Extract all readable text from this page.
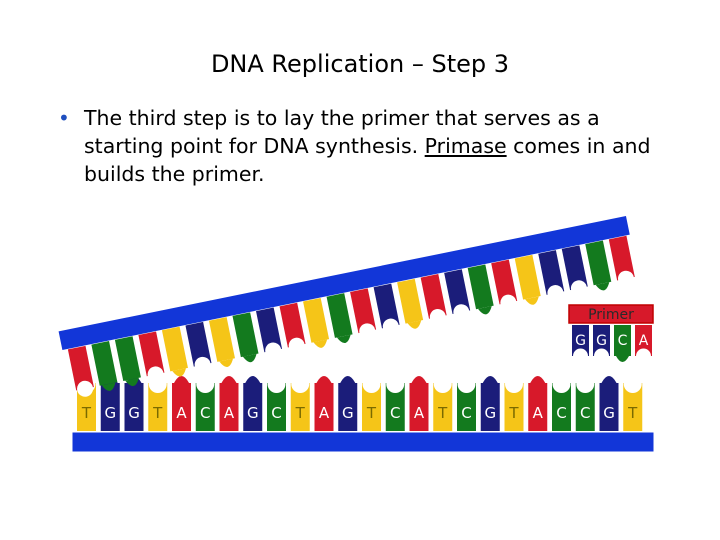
DNA Replication – Step 3
• The third step is to lay the primer that serves as a starting point for DNA synthesis. Primase comes in and builds the primer.
T G G T A C A G C T A G T C A T C G T A C C G T
Primer
G G C A
